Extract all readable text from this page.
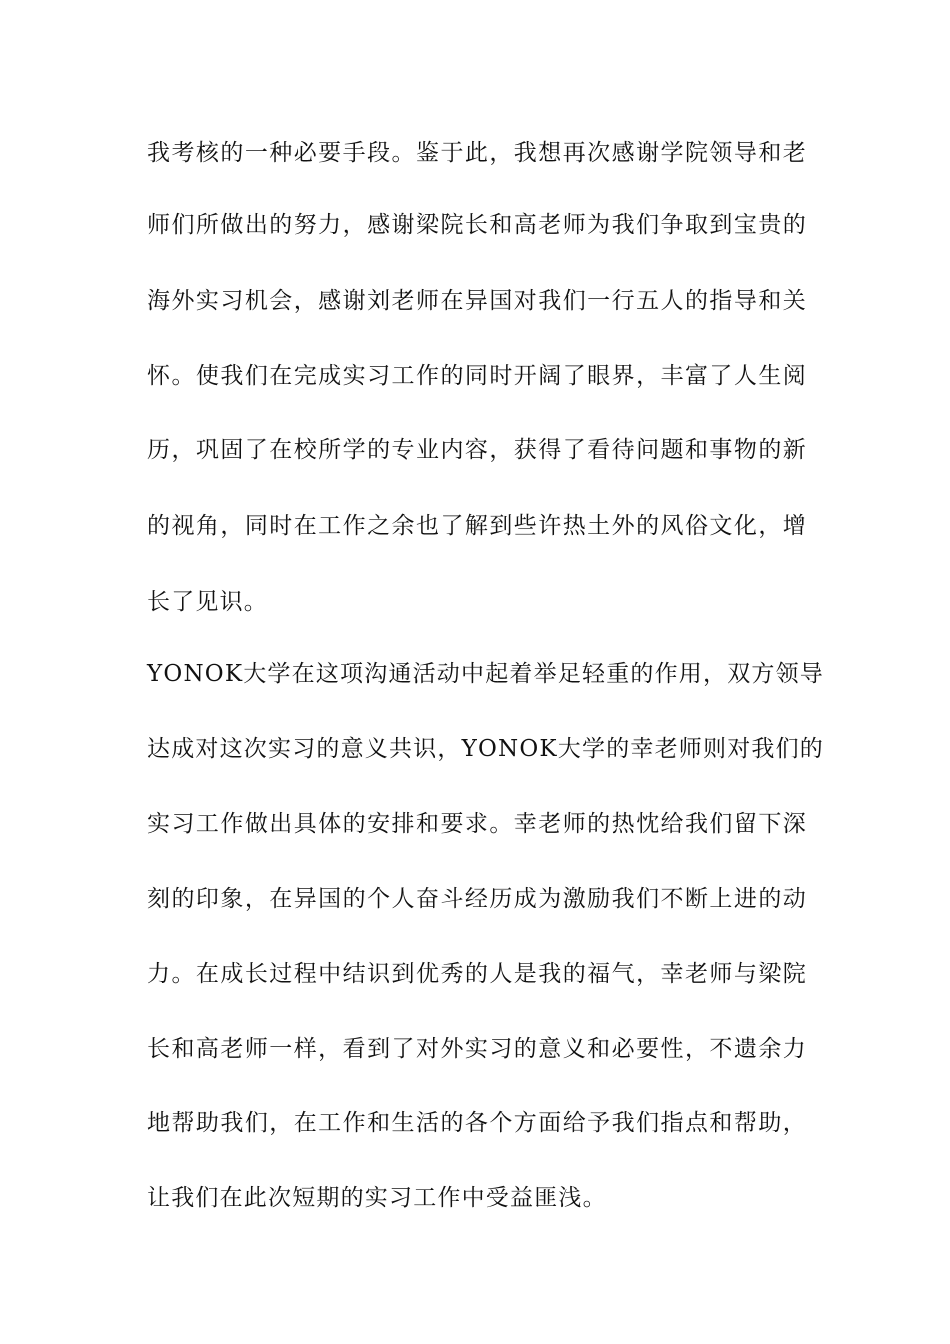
我考核的一种必要手段。鉴于此，我想再次感谢学院领导和老
师们所做出的努力，感谢梁院长和高老师为我们争取到宝贵的
海外实习机会，感谢刘老师在异国对我们一行五人的指导和关
怀。使我们在完成实习工作的同时开阔了眼界，丰富了人生阅
历，巩固了在校所学的专业内容，获得了看待问题和事物的新
的视角，同时在工作之余也了解到些许热土外的风俗文化，增
长了见识。
YONOK大学在这项沟通活动中起着举足轻重的作用，双方领导
达成对这次实习的意义共识，YONOK大学的幸老师则对我们的
实习工作做出具体的安排和要求。幸老师的热忱给我们留下深
刻的印象，在异国的个人奋斗经历成为激励我们不断上进的动
力。在成长过程中结识到优秀的人是我的福气，幸老师与梁院
长和高老师一样，看到了对外实习的意义和必要性，不遗余力
地帮助我们，在工作和生活的各个方面给予我们指点和帮助，
让我们在此次短期的实习工作中受益匪浅。
